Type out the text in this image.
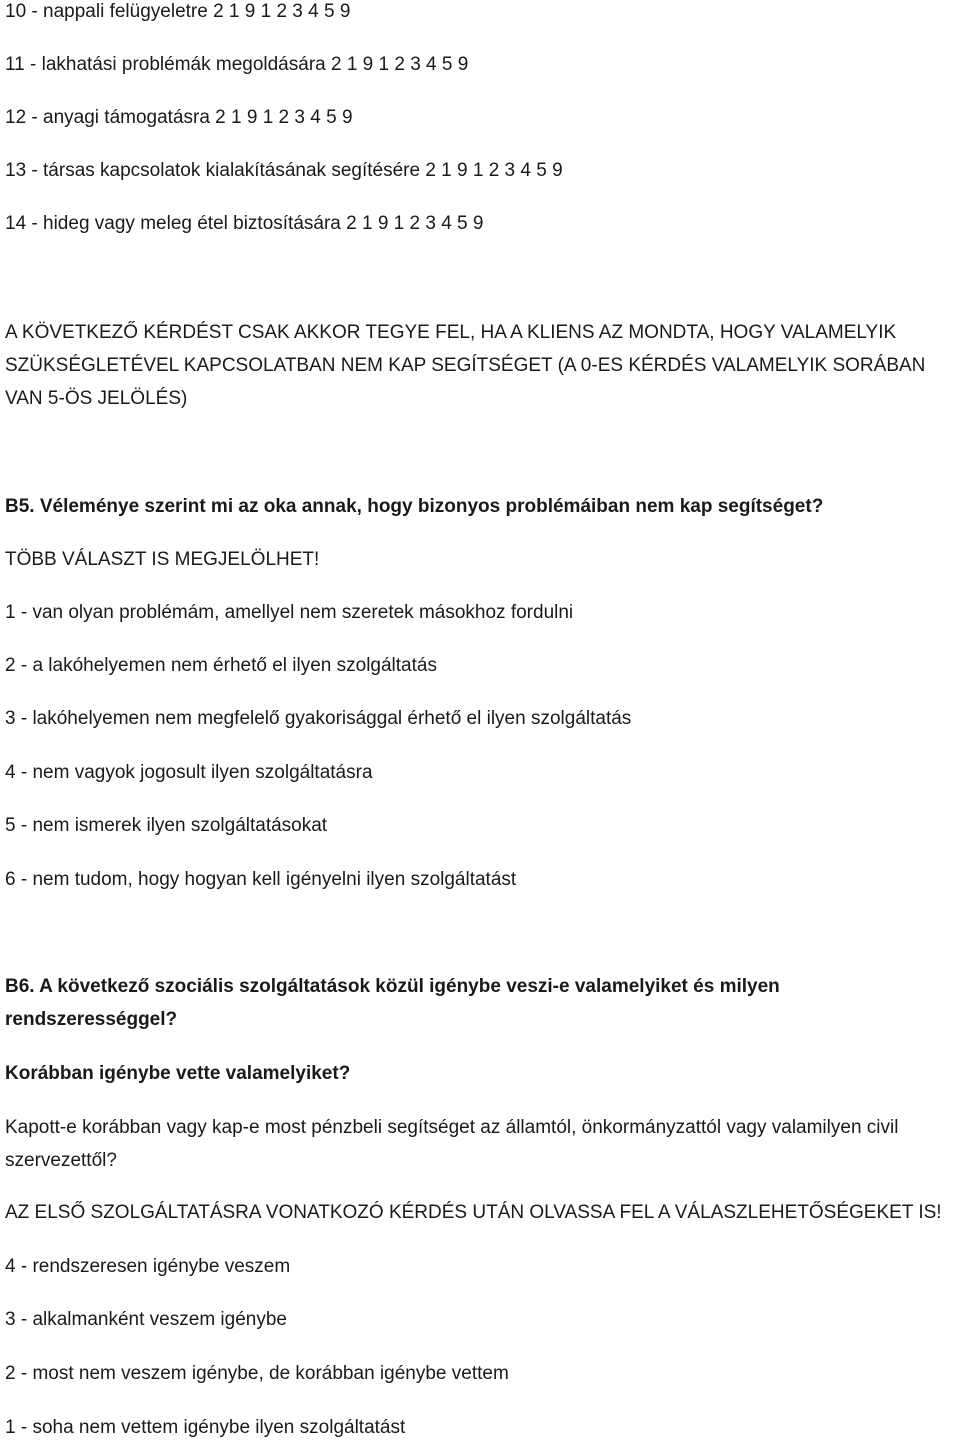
10 - nappali felügyeletre 2 1 9 1 2 3 4 5 9

11 - lakhatási problémák megoldására 2 1 9 1 2 3 4 5 9

12 - anyagi támogatásra 2 1 9 1 2 3 4 5 9

13 - társas kapcsolatok kialakításának segítésére 2 1 9 1 2 3 4 5 9

14 - hideg vagy meleg étel biztosítására 2 1 9 1 2 3 4 5 9

A KÖVETKEZŐ KÉRDÉST CSAK AKKOR TEGYE FEL, HA A KLIENS AZ MONDTA, HOGY VALAMELYIK SZÜKSÉGLETÉVEL KAPCSOLATBAN NEM KAP SEGÍTSÉGET (A 0-ES KÉRDÉS VALAMELYIK SORÁBAN VAN 5-ÖS JELÖLÉS)

B5. Véleménye szerint mi az oka annak, hogy bizonyos problémáiban nem kap segítséget?

TÖBB VÁLASZT IS MEGJELÖLHET!

1 - van olyan problémám, amellyel nem szeretek másokhoz fordulni

2 - a lakóhelyemen nem érhető el ilyen szolgáltatás

3 - lakóhelyemen nem megfelelő gyakorisággal érhető el ilyen szolgáltatás

4 - nem vagyok jogosult ilyen szolgáltatásra

5 - nem ismerek ilyen szolgáltatásokat

6 - nem tudom, hogy hogyan kell igényelni ilyen szolgáltatást

B6. A következő szociális szolgáltatások közül igénybe veszi-e valamelyiket és milyen rendszerességgel?

Korábban igénybe vette valamelyiket?

Kapott-e korábban vagy kap-e most pénzbeli segítséget az államtól, önkormányzattól vagy valamilyen civil szervezettől?

AZ ELSŐ SZOLGÁLTATÁSRA VONATKOZÓ KÉRDÉS UTÁN OLVASSA FEL A VÁLASZLEHETŐSÉGEKET IS!

4 - rendszeresen igénybe veszem

3 - alkalmanként veszem igénybe

2 - most nem veszem igénybe, de korábban igénybe vettem

1 - soha nem vettem igénybe ilyen szolgáltatást
